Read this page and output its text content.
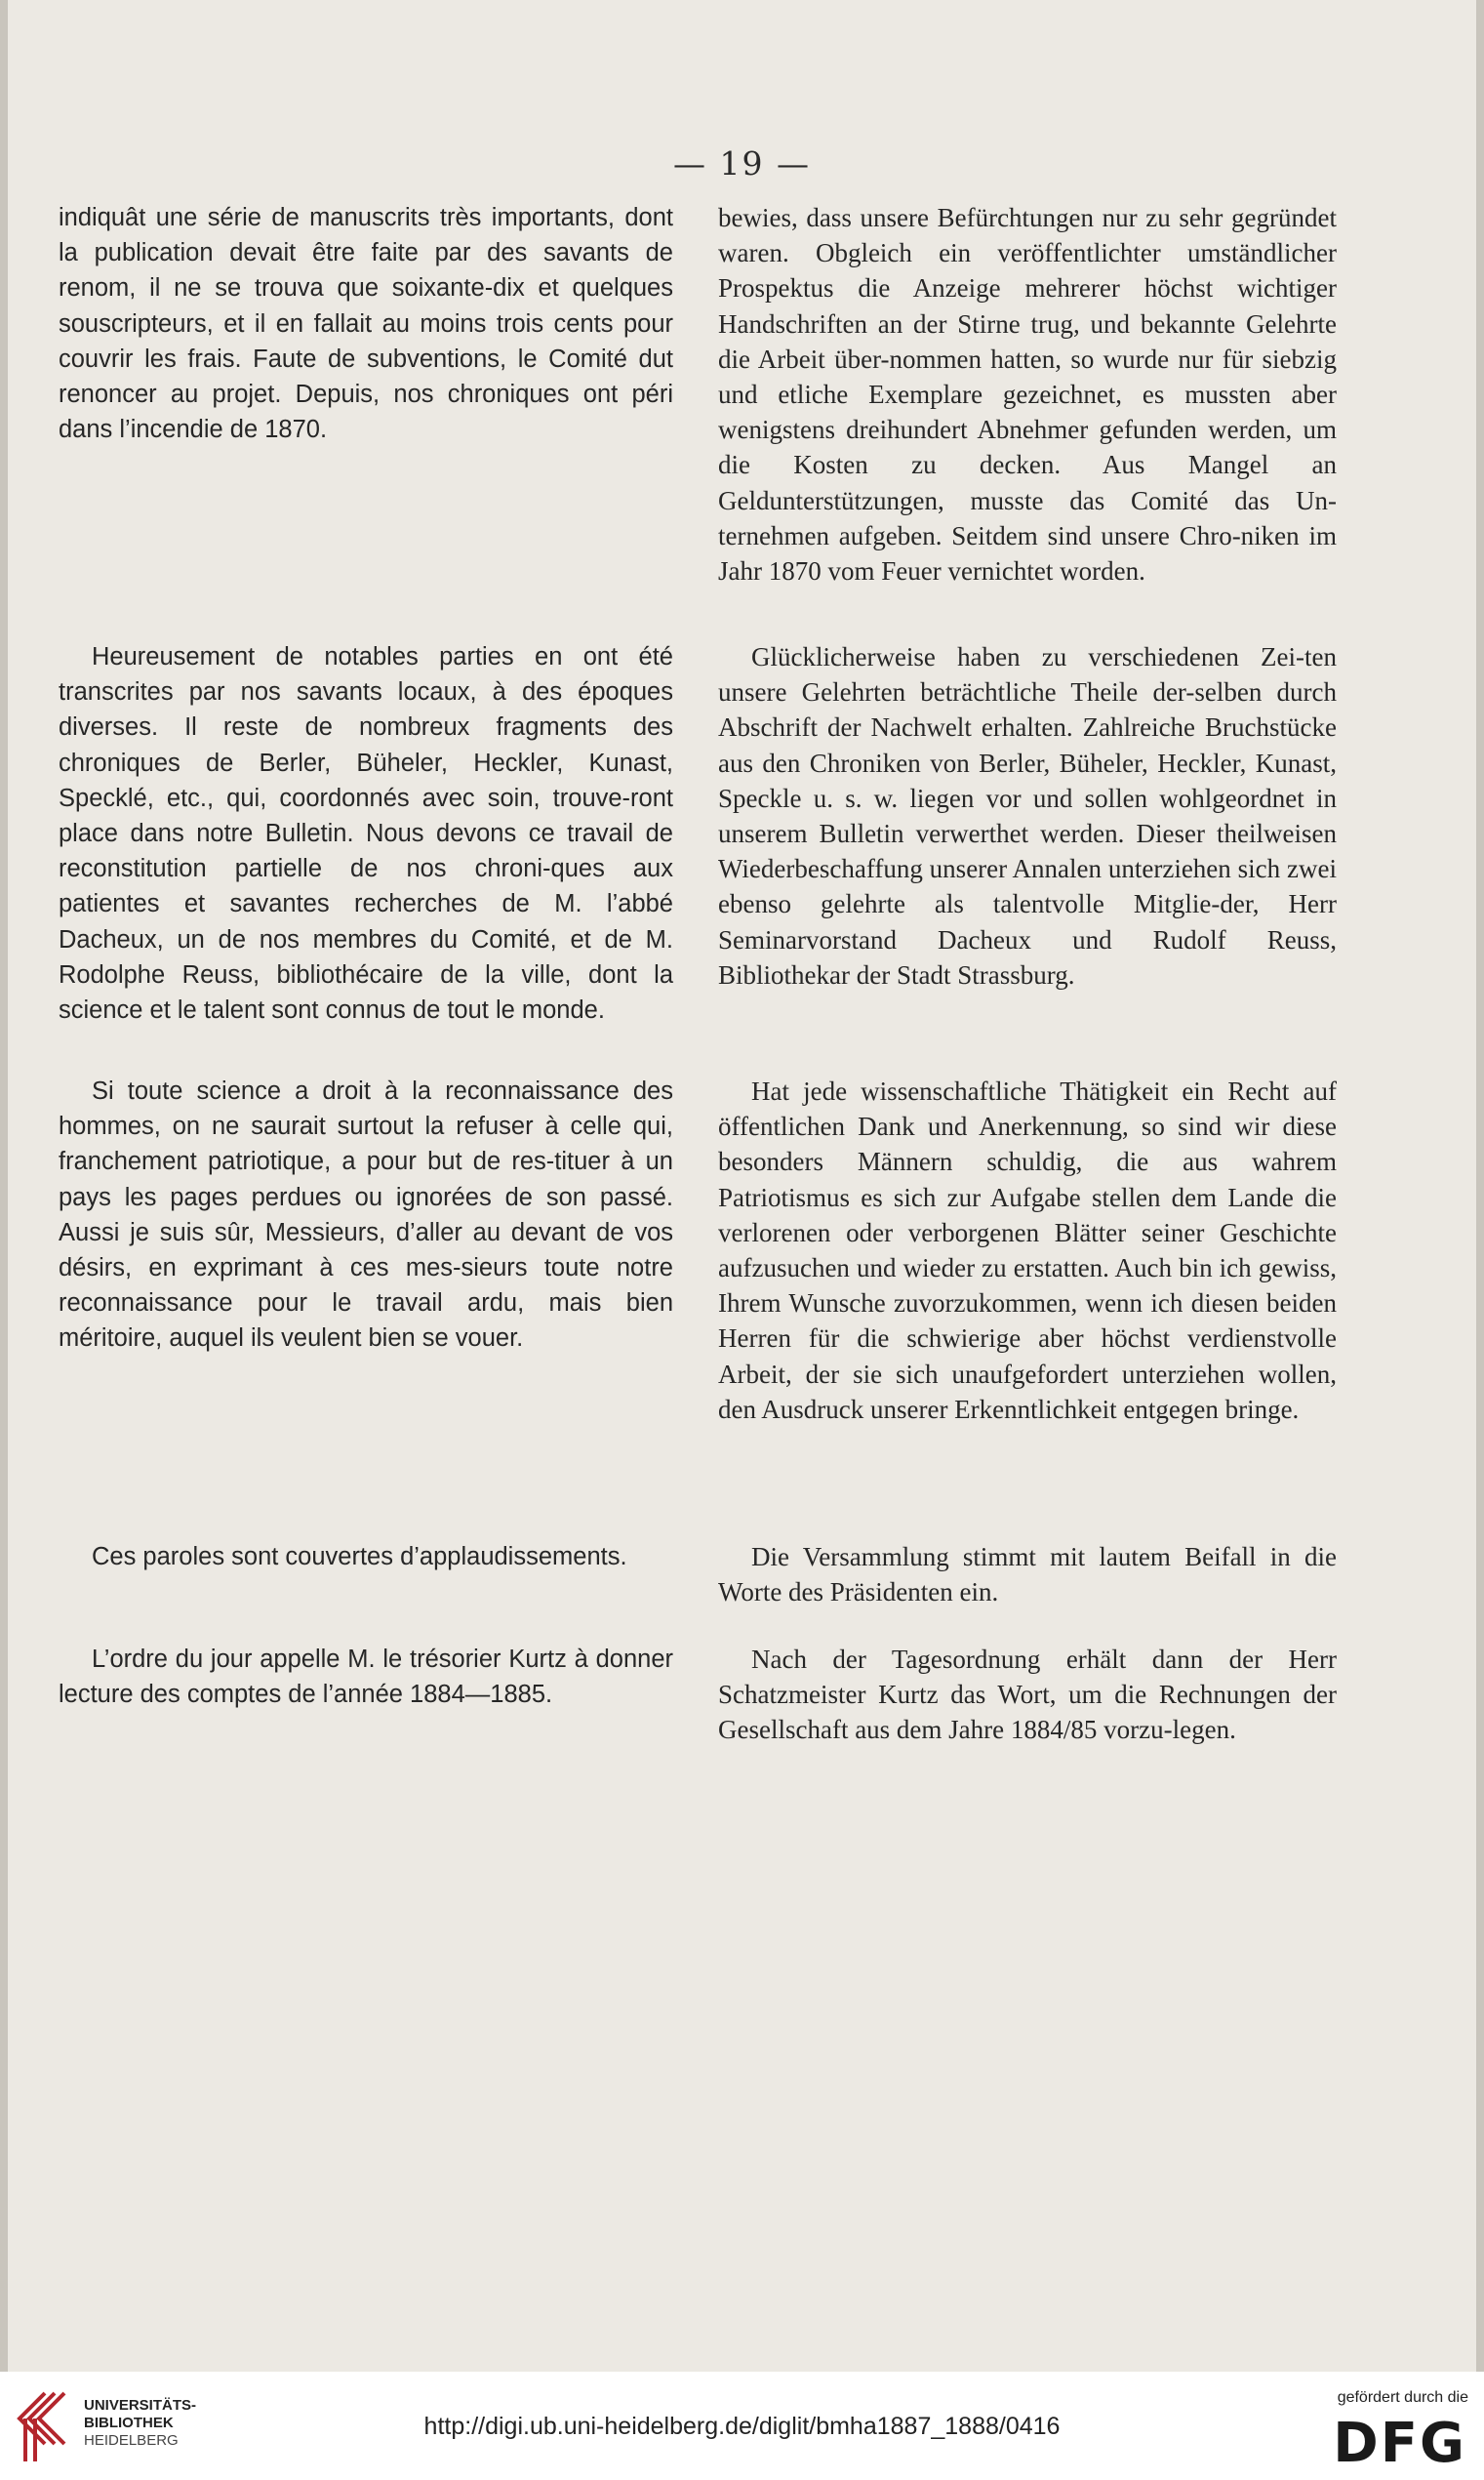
— 19 —

indiquât une série de manuscrits très importants, dont la publication devait être faite par des savants de renom, il ne se trouva que soixante-dix et quelques souscripteurs, et il en fallait au moins trois cents pour couvrir les frais. Faute de subventions, le Comité dut renoncer au projet. Depuis, nos chroniques ont péri dans l’incendie de 1870.

Heureusement de notables parties en ont été transcrites par nos savants locaux, à des époques diverses. Il reste de nombreux fragments des chroniques de Berler, Büheler, Heckler, Kunast, Specklé, etc., qui, coordonnés avec soin, trouve-ront place dans notre Bulletin. Nous devons ce travail de reconstitution partielle de nos chroni-ques aux patientes et savantes recherches de M. l’abbé Dacheux, un de nos membres du Comité, et de M. Rodolphe Reuss, bibliothécaire de la ville, dont la science et le talent sont connus de tout le monde.

Si toute science a droit à la reconnaissance des hommes, on ne saurait surtout la refuser à celle qui, franchement patriotique, a pour but de res-tituer à un pays les pages perdues ou ignorées de son passé. Aussi je suis sûr, Messieurs, d’aller au devant de vos désirs, en exprimant à ces mes-sieurs toute notre reconnaissance pour le travail ardu, mais bien méritoire, auquel ils veulent bien se vouer.

Ces paroles sont couvertes d’applaudissements.

L’ordre du jour appelle M. le trésorier Kurtz à donner lecture des comptes de l’année 1884—1885.

bewies, dass unsere Befürchtungen nur zu sehr gegründet waren. Obgleich ein veröffentlichter umständlicher Prospektus die Anzeige mehrerer höchst wichtiger Handschriften an der Stirne trug, und bekannte Gelehrte die Arbeit über-nommen hatten, so wurde nur für siebzig und etliche Exemplare gezeichnet, es mussten aber wenigstens dreihundert Abnehmer gefunden werden, um die Kosten zu decken. Aus Mangel an Geldunterstützungen, musste das Comité das Un-ternehmen aufgeben. Seitdem sind unsere Chro-niken im Jahr 1870 vom Feuer vernichtet worden.

Glücklicherweise haben zu verschiedenen Zei-ten unsere Gelehrten beträchtliche Theile der-selben durch Abschrift der Nachwelt erhalten. Zahlreiche Bruchstücke aus den Chroniken von Berler, Büheler, Heckler, Kunast, Speckle u. s. w. liegen vor und sollen wohlgeordnet in unserem Bulletin verwerthet werden. Dieser theilweisen Wiederbeschaffung unserer Annalen unterziehen sich zwei ebenso gelehrte als talentvolle Mitglie-der, Herr Seminarvorstand Dacheux und Rudolf Reuss, Bibliothekar der Stadt Strassburg.

Hat jede wissenschaftliche Thätigkeit ein Recht auf öffentlichen Dank und Anerkennung, so sind wir diese besonders Männern schuldig, die aus wahrem Patriotismus es sich zur Aufgabe stellen dem Lande die verlorenen oder verborgenen Blätter seiner Geschichte aufzusuchen und wieder zu erstatten. Auch bin ich gewiss, Ihrem Wunsche zuvorzukommen, wenn ich diesen beiden Herren für die schwierige aber höchst verdienstvolle Arbeit, der sie sich unaufgefordert unterziehen wollen, den Ausdruck unserer Erkenntlichkeit entgegen bringe.

Die Versammlung stimmt mit lautem Beifall in die Worte des Präsidenten ein.

Nach der Tagesordnung erhält dann der Herr Schatzmeister Kurtz das Wort, um die Rechnungen der Gesellschaft aus dem Jahre 1884/85 vorzu-legen.

UNIVERSITÄTS-
BIBLIOTHEK
HEIDELBERG
http://digi.ub.uni-heidelberg.de/diglit/bmha1887_1888/0416
gefördert durch die
DFG
